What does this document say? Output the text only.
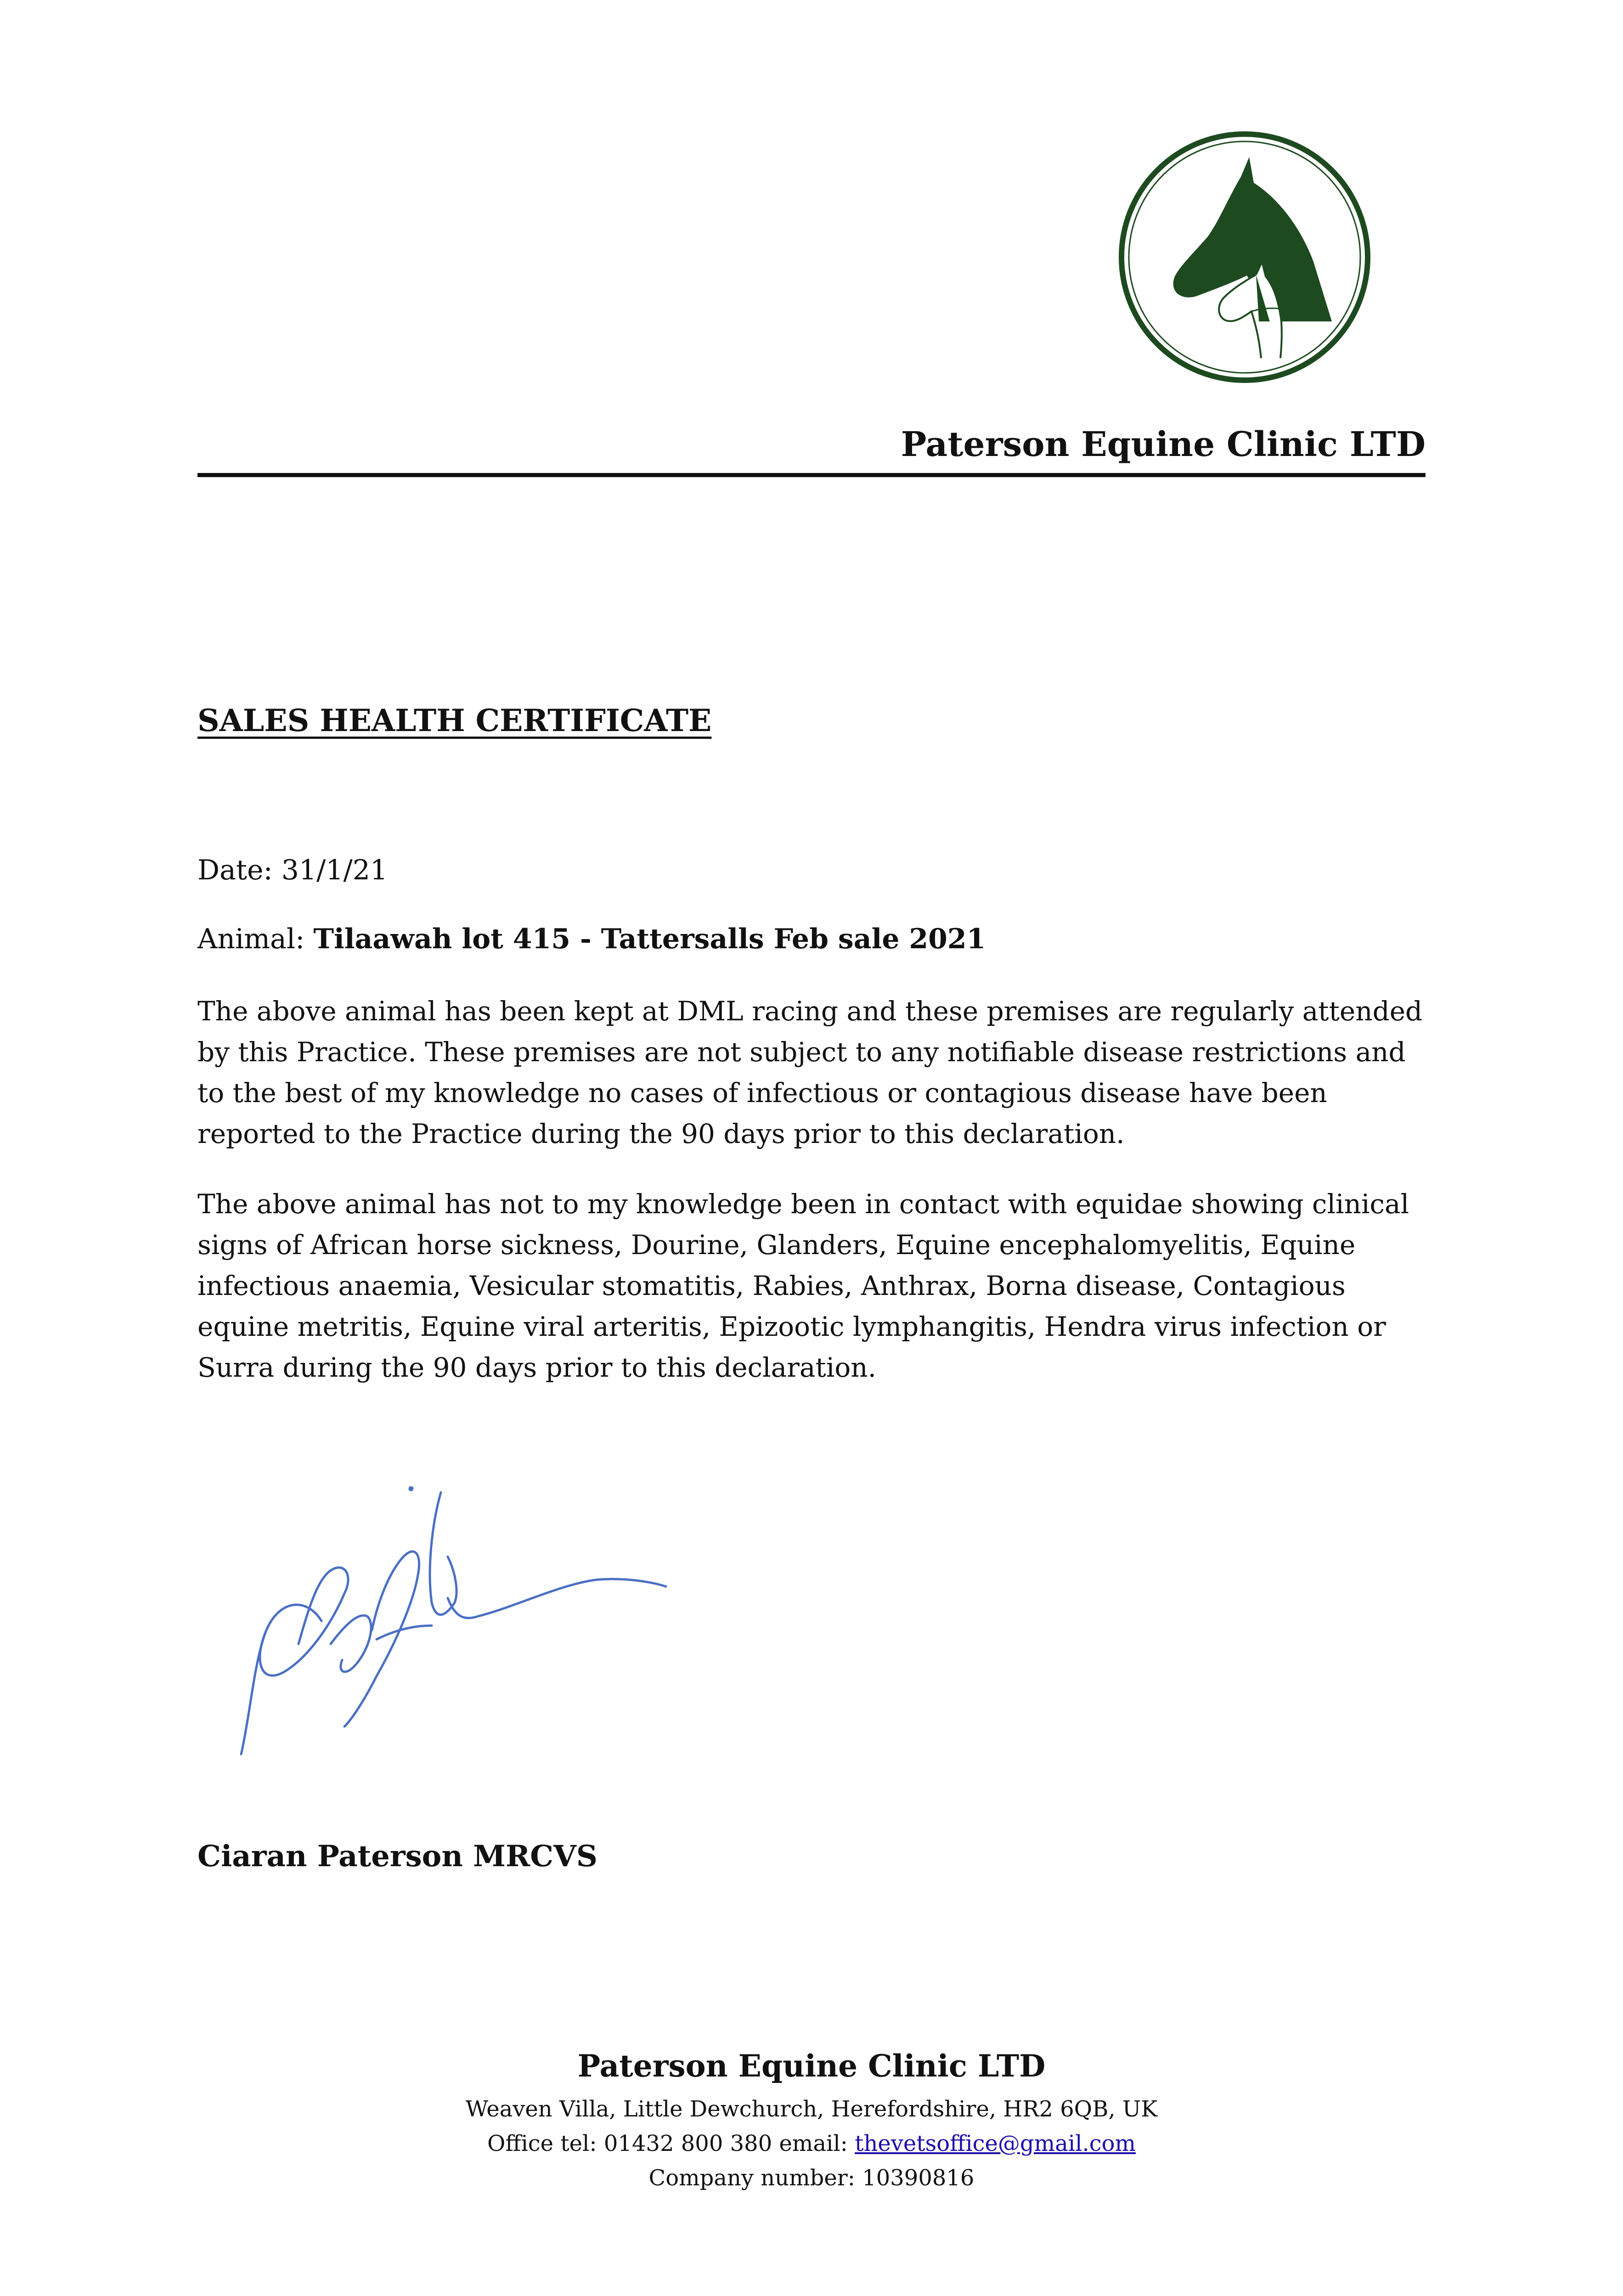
Paterson Equine Clinic LTD
SALES HEALTH CERTIFICATE
Date: 31/1/21
Animal: Tilaawah lot 415 - Tattersalls Feb sale 2021
The above animal has been kept at DML racing and these premises are regularly attended by this Practice. These premises are not subject to any notifiable disease restrictions and to the best of my knowledge no cases of infectious or contagious disease have been reported to the Practice during the 90 days prior to this declaration.
The above animal has not to my knowledge been in contact with equidae showing clinical signs of African horse sickness, Dourine, Glanders, Equine encephalomyelitis, Equine infectious anaemia, Vesicular stomatitis, Rabies, Anthrax, Borna disease, Contagious equine metritis, Equine viral arteritis, Epizootic lymphangitis, Hendra virus infection or Surra during the 90 days prior to this declaration.
Ciaran Paterson MRCVS
Paterson Equine Clinic LTD
Weaven Villa, Little Dewchurch, Herefordshire, HR2 6QB, UK
Office tel: 01432 800 380 email: thevetsoffice@gmail.com
Company number: 10390816
